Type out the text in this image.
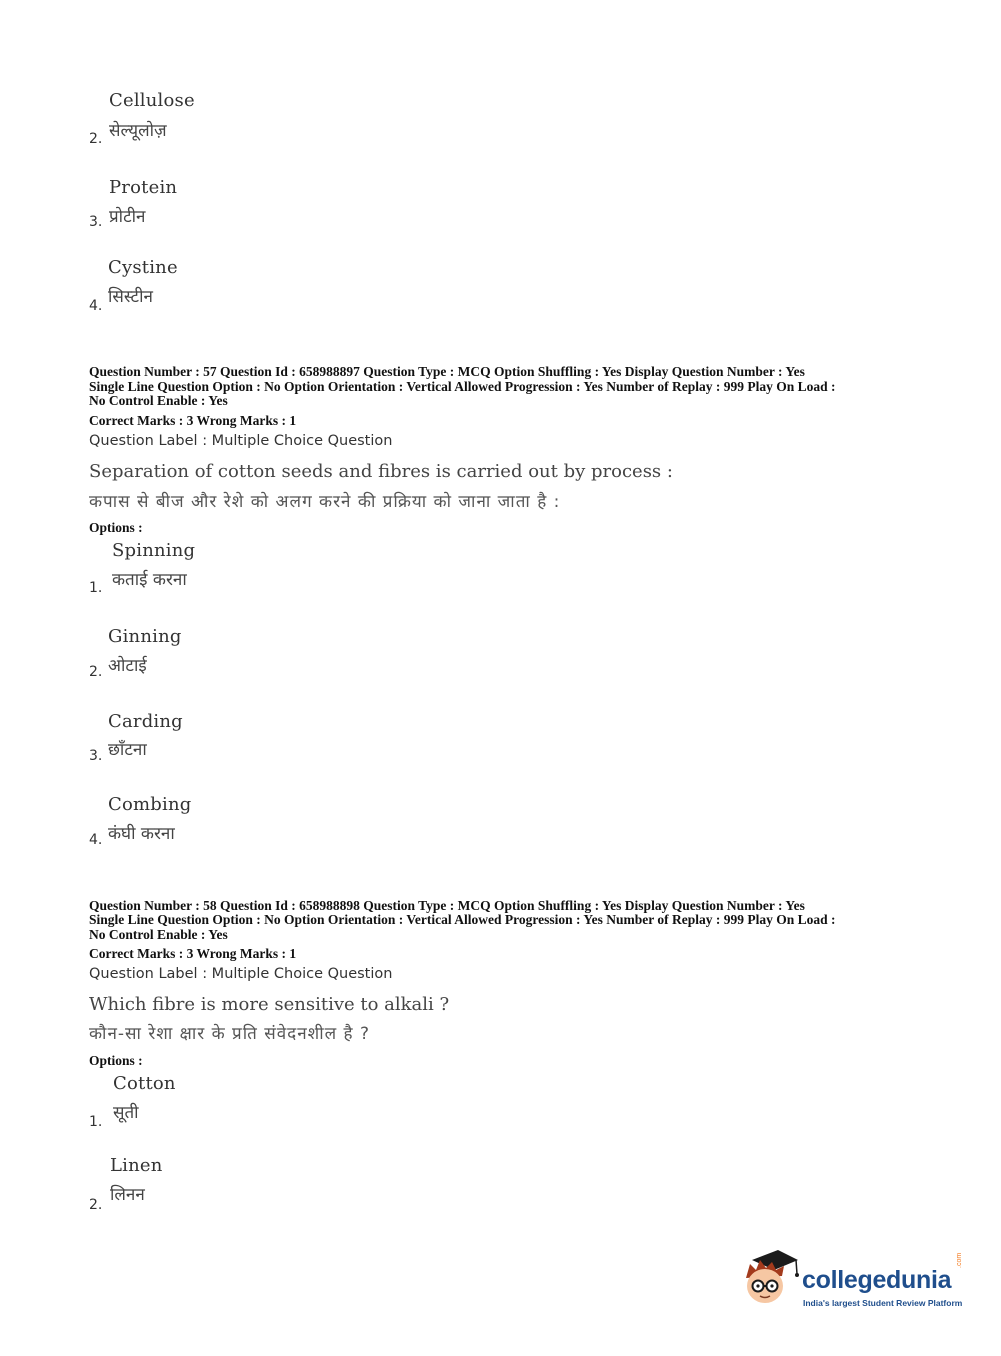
Cellulose
सेल्यूलोज़
2.
Protein
प्रोटीन
3.
Cystine
सिस्टीन
4.
Question Number : 57 Question Id : 658988897 Question Type : MCQ Option Shuffling : Yes Display Question Number : Yes
Single Line Question Option : No Option Orientation : Vertical Allowed Progression : Yes Number of Replay : 999 Play On Load :
No Control Enable : Yes
Correct Marks : 3 Wrong Marks : 1
Question Label : Multiple Choice Question
Separation of cotton seeds and fibres is carried out by process :
कपास से बीज और रेशे को अलग करने की प्रक्रिया को जाना जाता है :
Options :
Spinning
कताई करना
1.
Ginning
ओटाई
2.
Carding
छाँटना
3.
Combing
कंघी करना
4.
Question Number : 58 Question Id : 658988898 Question Type : MCQ Option Shuffling : Yes Display Question Number : Yes
Single Line Question Option : No Option Orientation : Vertical Allowed Progression : Yes Number of Replay : 999 Play On Load :
No Control Enable : Yes
Correct Marks : 3 Wrong Marks : 1
Question Label : Multiple Choice Question
Which fibre is more sensitive to alkali ?
कौन-सा रेशा क्षार के प्रति संवेदनशील है ?
Options :
Cotton
सूती
1.
Linen
लिनन
2.
collegedunia
.com
India's largest Student Review Platform
